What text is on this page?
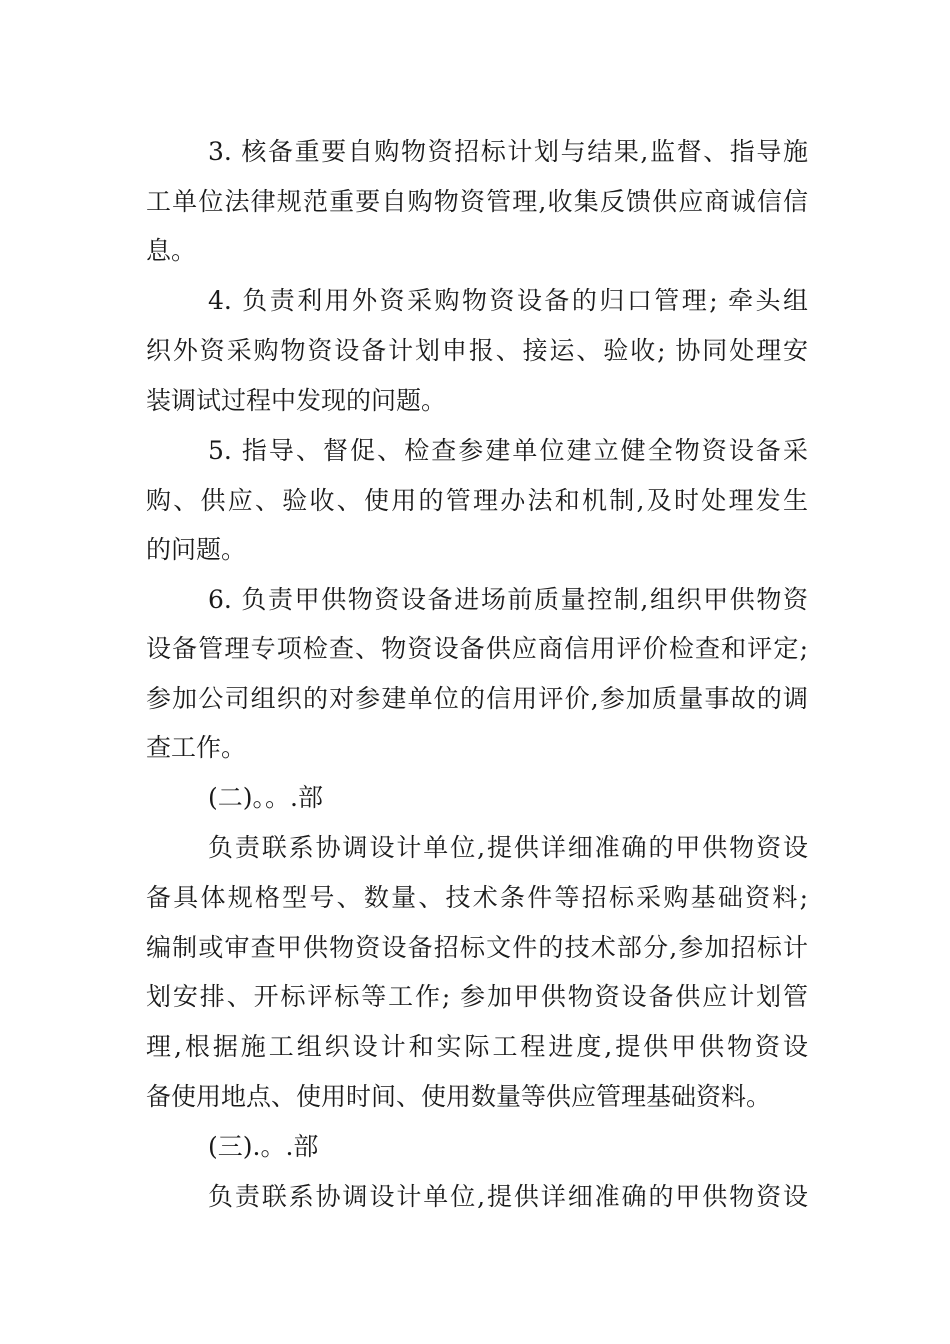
3. 核备重要自购物资招标计划与结果,监督、指导施
工单位法律规范重要自购物资管理,收集反馈供应商诚信信
息。
4. 负责利用外资采购物资设备的归口管理; 牵头组
织外资采购物资设备计划申报、接运、验收; 协同处理安
装调试过程中发现的问题。
5. 指导、督促、检查参建单位建立健全物资设备采
购、供应、验收、使用的管理办法和机制,及时处理发生
的问题。
6. 负责甲供物资设备进场前质量控制,组织甲供物资
设备管理专项检查、物资设备供应商信用评价检查和评定;
参加公司组织的对参建单位的信用评价,参加质量事故的调
查工作。
(二)。。.部
负责联系协调设计单位,提供详细准确的甲供物资设
备具体规格型号、数量、技术条件等招标采购基础资料;
编制或审查甲供物资设备招标文件的技术部分,参加招标计
划安排、开标评标等工作; 参加甲供物资设备供应计划管
理,根据施工组织设计和实际工程进度,提供甲供物资设
备使用地点、使用时间、使用数量等供应管理基础资料。
(三).。.部
负责联系协调设计单位,提供详细准确的甲供物资设
